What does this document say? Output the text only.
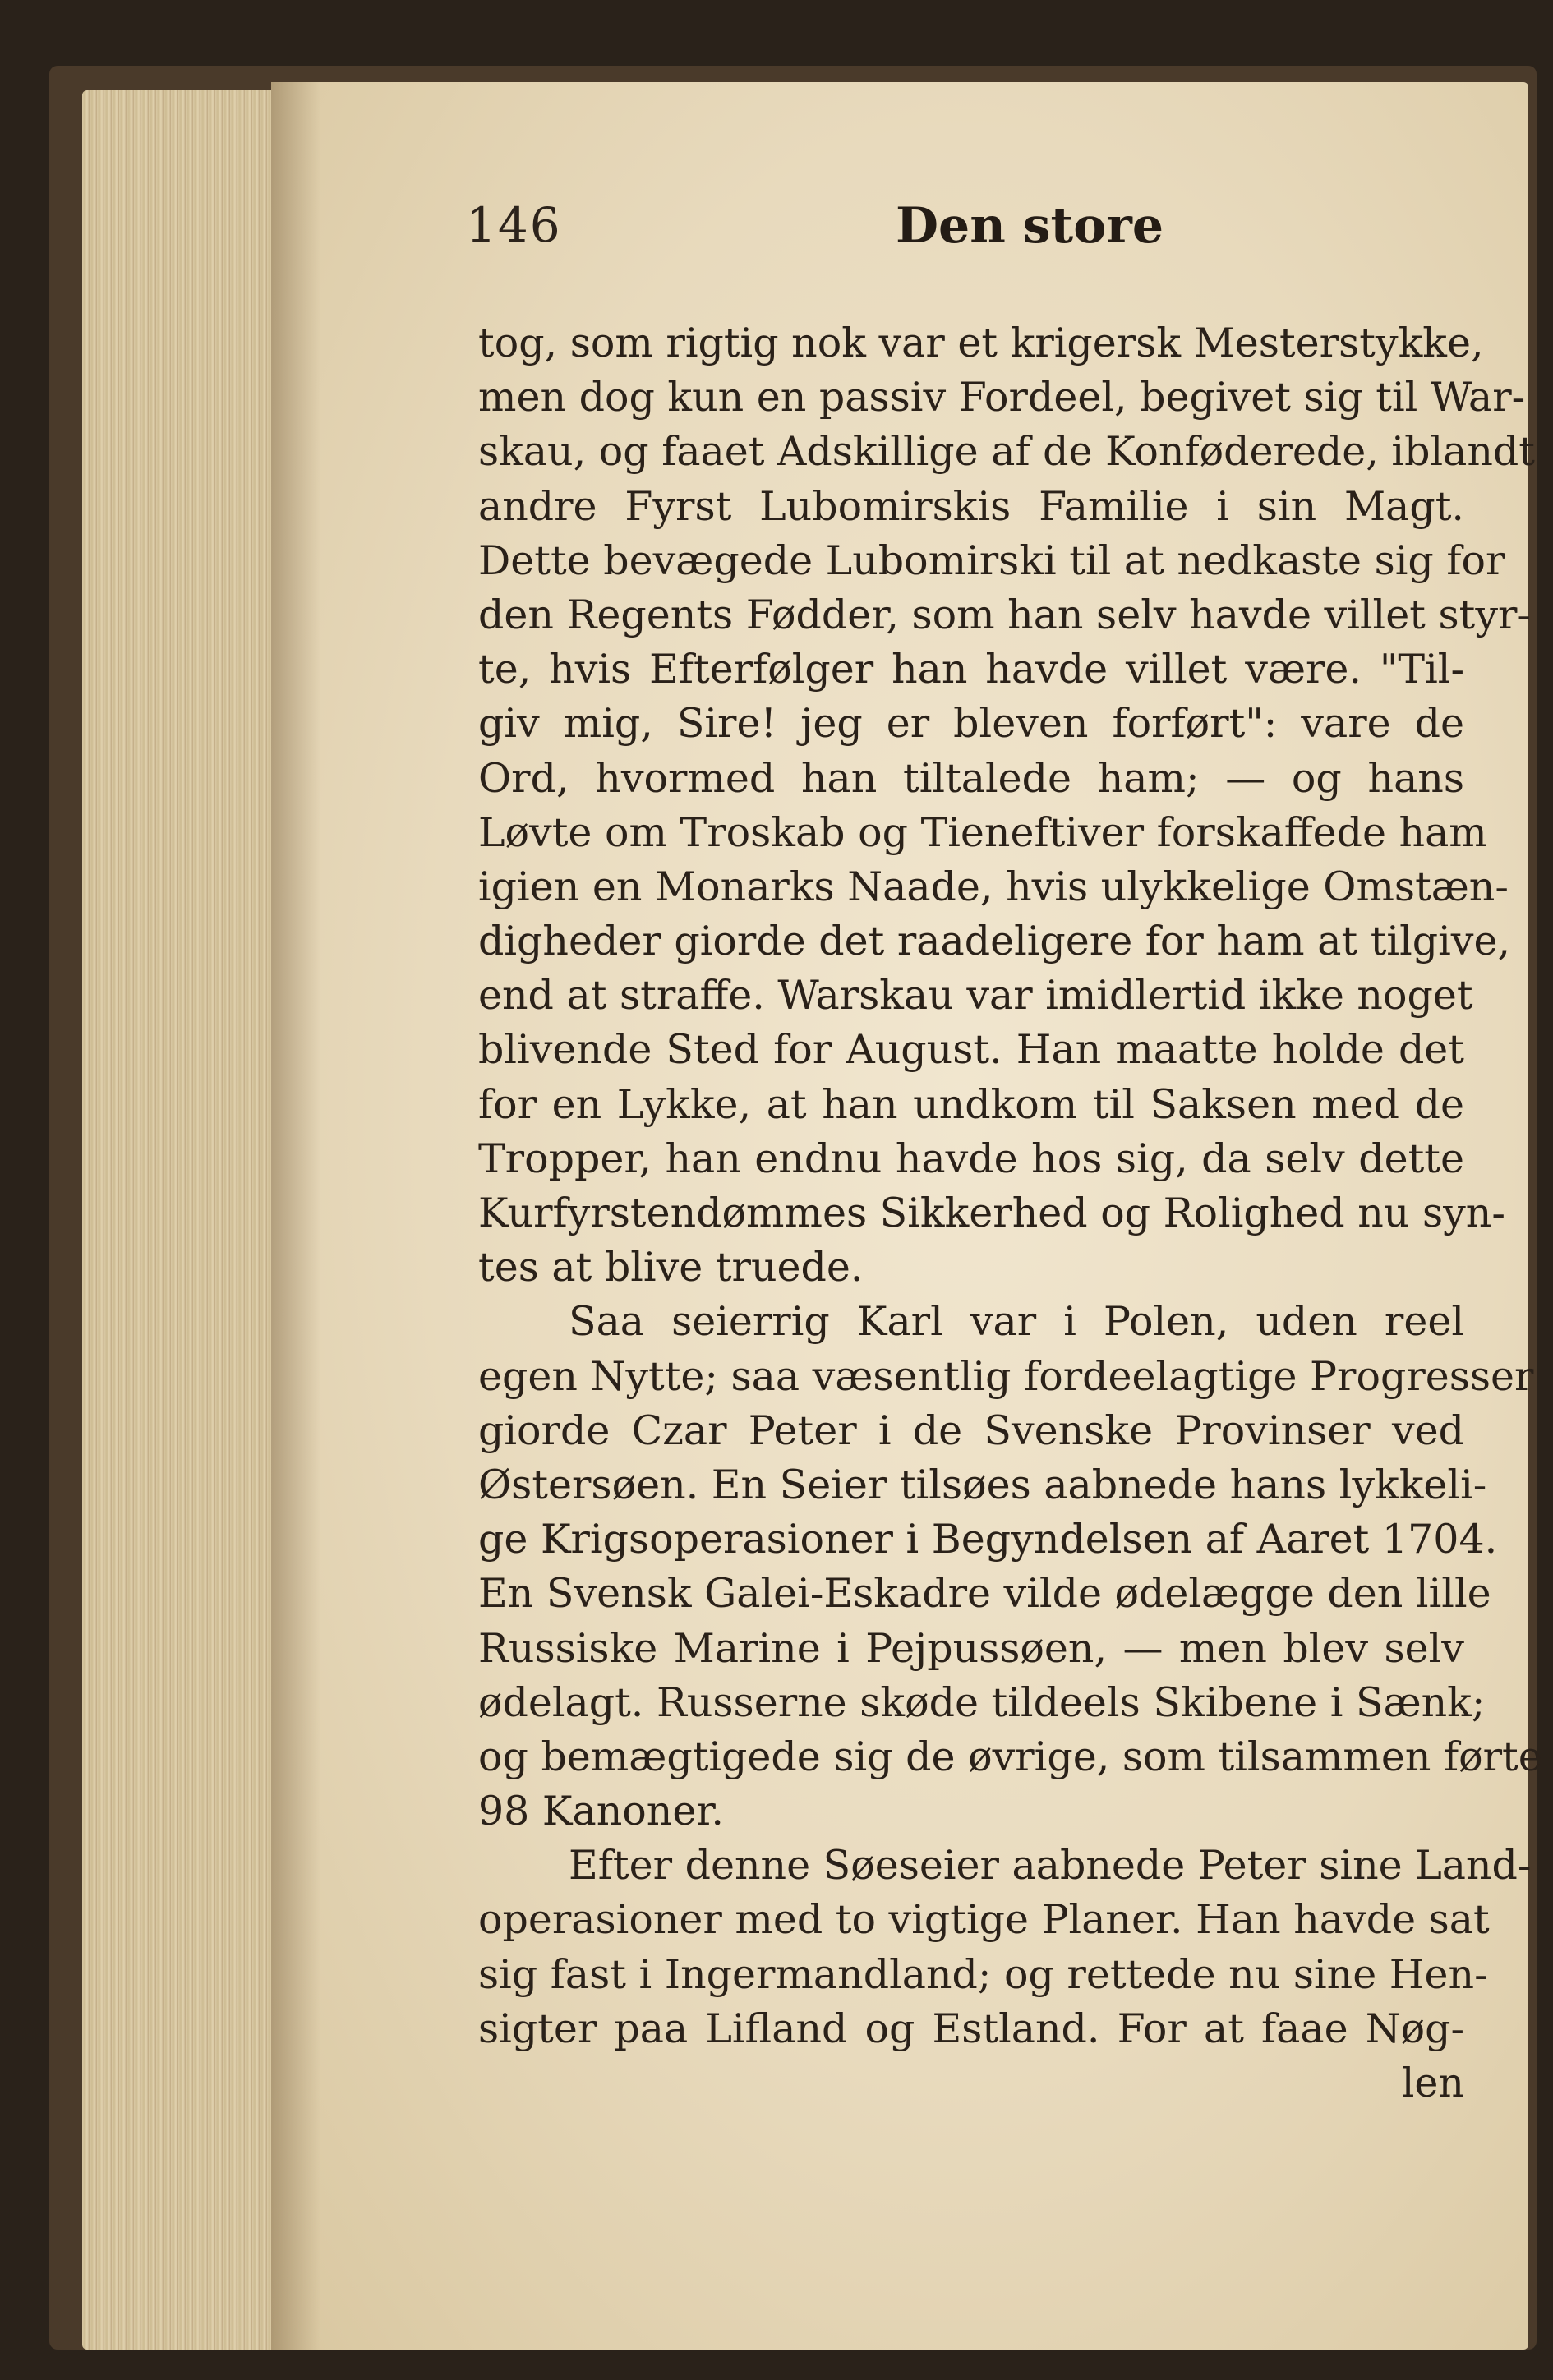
146	Den store
tog, som rigtig nok var et krigersk Mesterstykke,
men dog kun en passiv Fordeel, begivet sig til War-
skau, og faaet Adskillige af de Konføderede, iblandt
andre Fyrst Lubomirskis Familie i sin Magt.
Dette bevægede Lubomirski til at nedkaste sig for
den Regents Fødder, som han selv havde villet styr-
te, hvis Efterfølger han havde villet være. "Til-
giv mig, Sire! jeg er bleven forført": vare de
Ord, hvormed han tiltalede ham; — og hans
Løvte om Troskab og Tieneftiver forskaffede ham
igien en Monarks Naade, hvis ulykkelige Omstæn-
digheder giorde det raadeligere for ham at tilgive,
end at straffe. Warskau var imidlertid ikke noget
blivende Sted for August. Han maatte holde det
for en Lykke, at han undkom til Saksen med de
Tropper, han endnu havde hos sig, da selv dette
Kurfyrstendømmes Sikkerhed og Rolighed nu syn-
tes at blive truede.
Saa seierrig Karl var i Polen, uden reel
egen Nytte; saa væsentlig fordeelagtige Progresser
giorde Czar Peter i de Svenske Provinser ved
Østersøen. En Seier tilsøes aabnede hans lykkeli-
ge Krigsoperasioner i Begyndelsen af Aaret 1704.
En Svensk Galei-Eskadre vilde ødelægge den lille
Russiske Marine i Pejpussøen, — men blev selv
ødelagt. Russerne skøde tildeels Skibene i Sænk;
og bemægtigede sig de øvrige, som tilsammen førte
98 Kanoner.
Efter denne Søeseier aabnede Peter sine Land-
operasioner med to vigtige Planer. Han havde sat
sig fast i Ingermandland; og rettede nu sine Hen-
sigter paa Lifland og Estland. For at faae Nøg-
len
